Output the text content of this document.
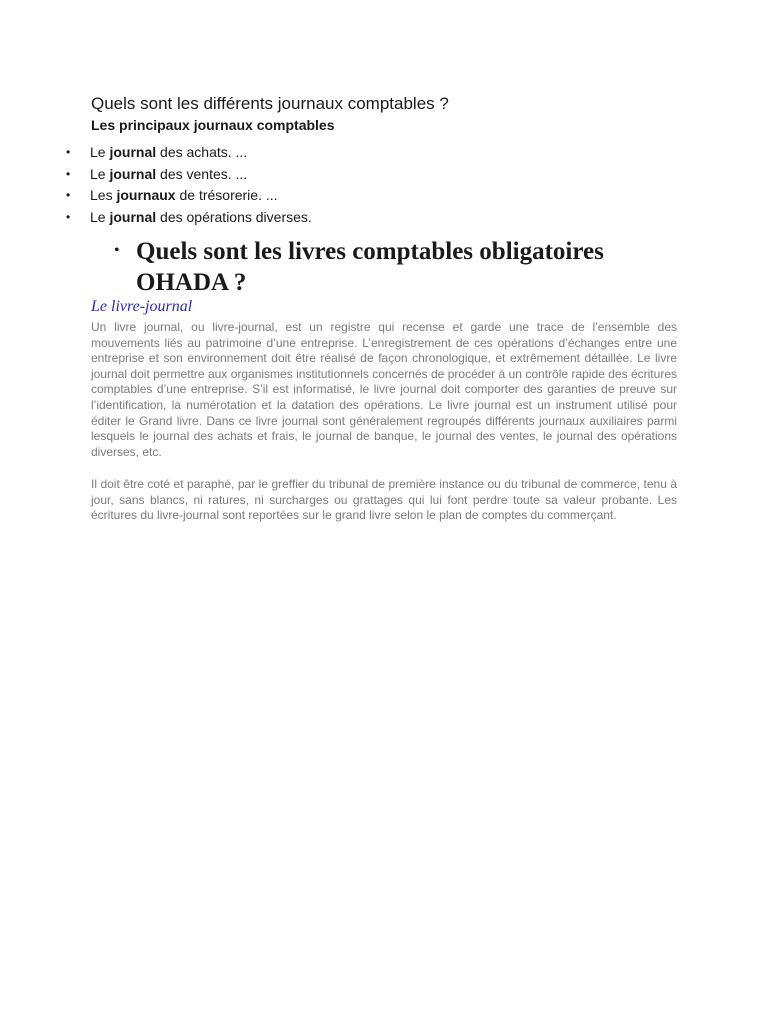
Quels sont les différents journaux comptables ?

Les principaux journaux comptables

• Le journal des achats. ...
• Le journal des ventes. ...
• Les journaux de trésorerie. ...
• Le journal des opérations diverses.
• Quels sont les livres comptables obligatoires OHADA ?
Le livre-journal

Un livre journal, ou livre-journal, est un registre qui recense et garde une trace de l’ensemble des mouvements liés au patrimoine d’une entreprise. L’enregistrement de ces opérations d’échanges entre une entreprise et son environnement doit être réalisé de façon chronologique, et extrêmement détaillée. Le livre journal doit permettre aux organismes institutionnels concernés de procéder à un contrôle rapide des écritures comptables d’une entreprise. S’il est informatisé, le livre journal doit comporter des garanties de preuve sur l’identification, la numérotation et la datation des opérations. Le livre journal est un instrument utilisé pour éditer le Grand livre. Dans ce livre journal sont généralement regroupés différents journaux auxiliaires parmi lesquels le journal des achats et frais, le journal de banque, le journal des ventes, le journal des opérations diverses, etc.

Il doit être coté et paraphé, par le greffier du tribunal de première instance ou du tribunal de commerce, tenu à jour, sans blancs, ni ratures, ni surcharges ou grattages qui lui font perdre toute sa valeur probante. Les écritures du livre-journal sont reportées sur le grand livre selon le plan de comptes du commerçant.
